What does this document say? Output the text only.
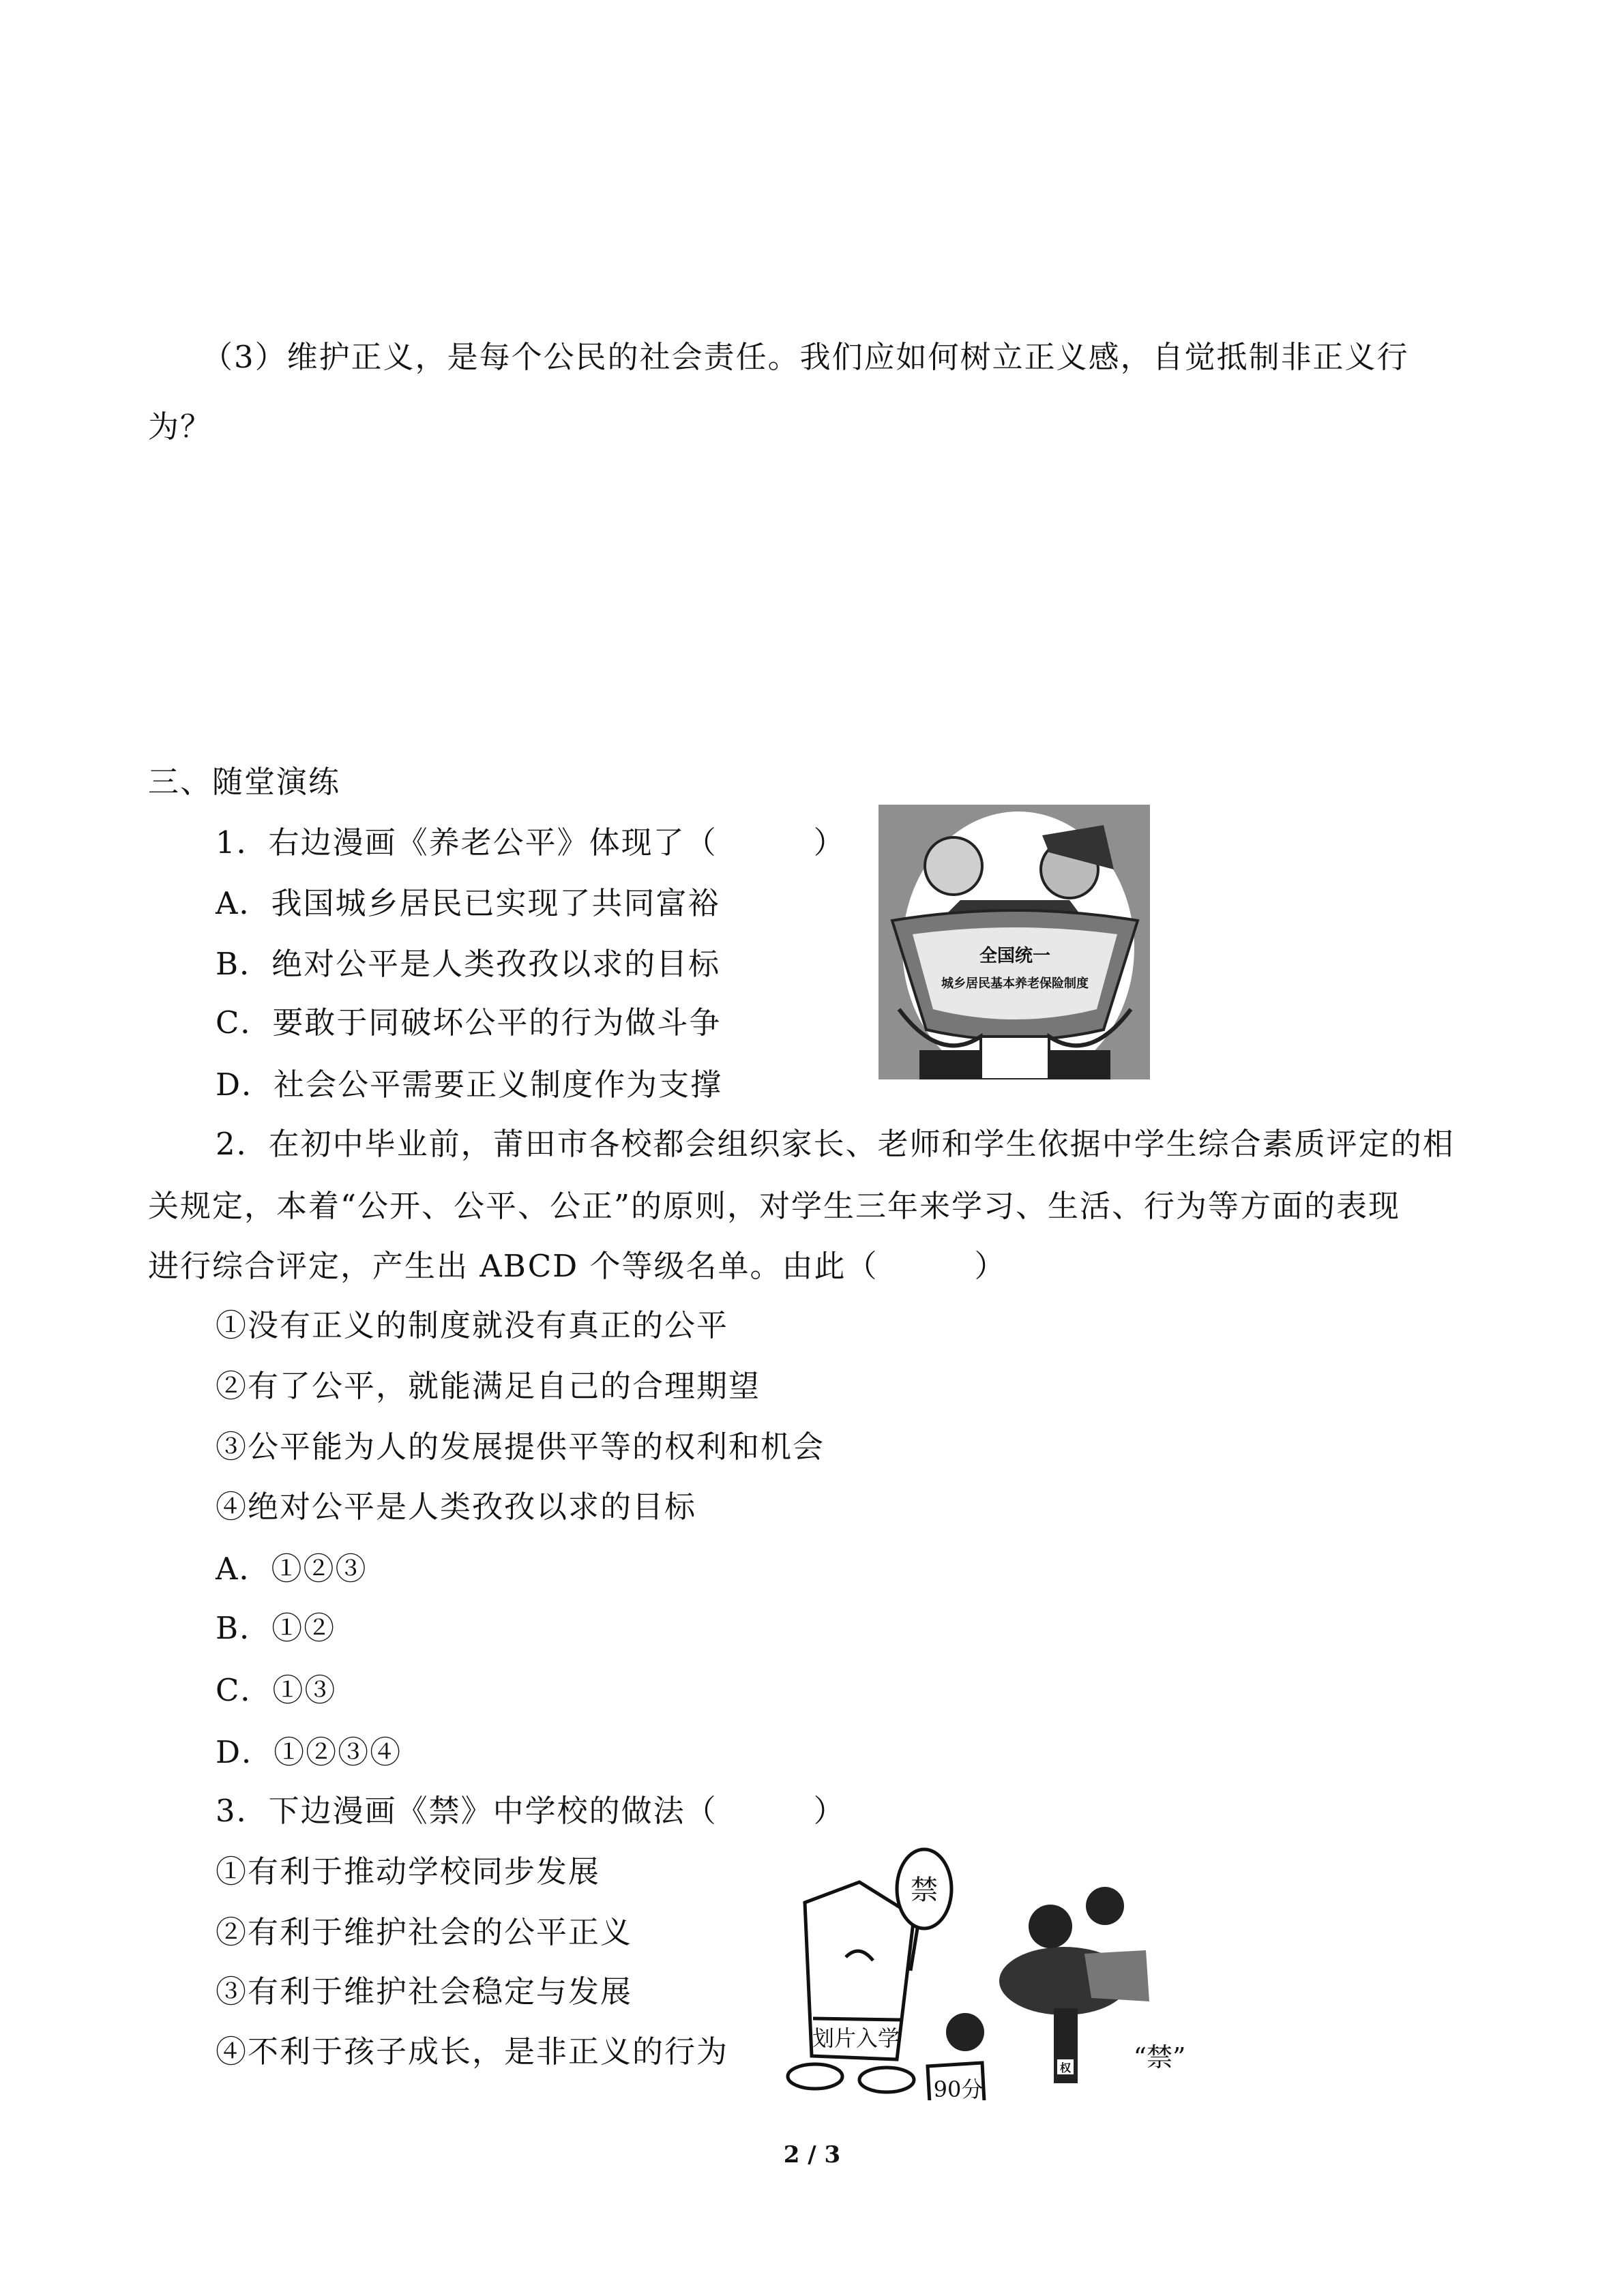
（3）维护正义，是每个公民的社会责任。我们应如何树立正义感，自觉抵制非正义行
为？
三、随堂演练
1．右边漫画《养老公平》体现了（　　　）
A．我国城乡居民已实现了共同富裕
B．绝对公平是人类孜孜以求的目标
C．要敢于同破坏公平的行为做斗争
D．社会公平需要正义制度作为支撑
全国统一
城乡居民基本养老保险制度
2．在初中毕业前，莆田市各校都会组织家长、老师和学生依据中学生综合素质评定的相
关规定，本着“公开、公平、公正”的原则，对学生三年来学习、生活、行为等方面的表现
进行综合评定，产生出 ABCD 个等级名单。由此（　　　）
①没有正义的制度就没有真正的公平
②有了公平，就能满足自己的合理期望
③公平能为人的发展提供平等的权利和机会
④绝对公平是人类孜孜以求的目标
A．①②③
B．①②
C．①③
D．①②③④
3．下边漫画《禁》中学校的做法（　　　）
①有利于推动学校同步发展
②有利于维护社会的公平正义
③有利于维护社会稳定与发展
④不利于孩子成长，是非正义的行为
禁
划片入学
90分
权 “禁”
2 / 3
